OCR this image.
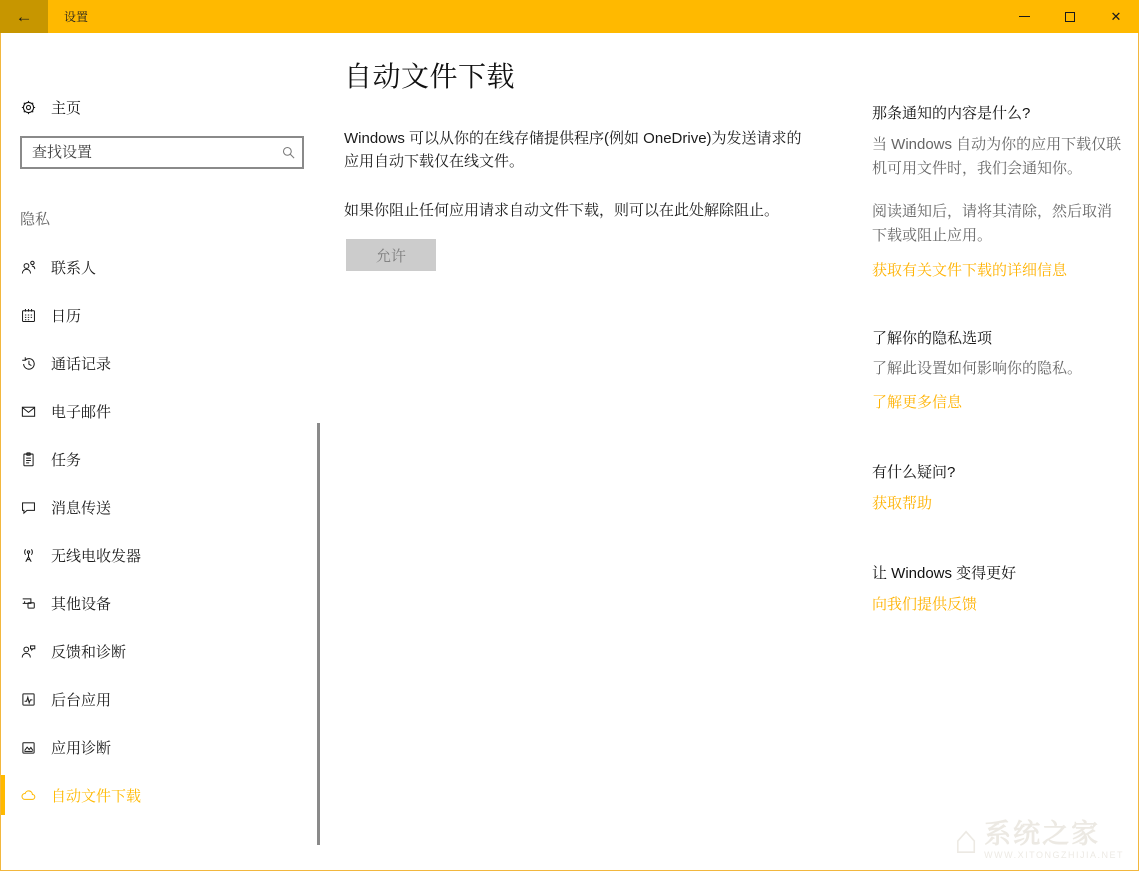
←	设置	✕
主页
查找设置
隐私
联系人
日历
通话记录
电子邮件
任务
消息传送
无线电收发器
其他设备
反馈和诊断
后台应用
应用诊断
自动文件下载
自动文件下载

Windows 可以从你的在线存储提供程序(例如 OneDrive)为发送请求的应用自动下载仅在线文件。

如果你阻止任何应用请求自动文件下载，则可以在此处解除阻止。

允许
那条通知的内容是什么?

当 Windows 自动为你的应用下载仅联机可用文件时，我们会通知你。

阅读通知后，请将其清除，然后取消下载或阻止应用。

获取有关文件下载的详细信息
了解你的隐私选项

了解此设置如何影响你的隐私。

了解更多信息
有什么疑问?
获取帮助
让 Windows 变得更好
向我们提供反馈
⌂ 系统之家
WWW.XITONGZHIJIA.NET
